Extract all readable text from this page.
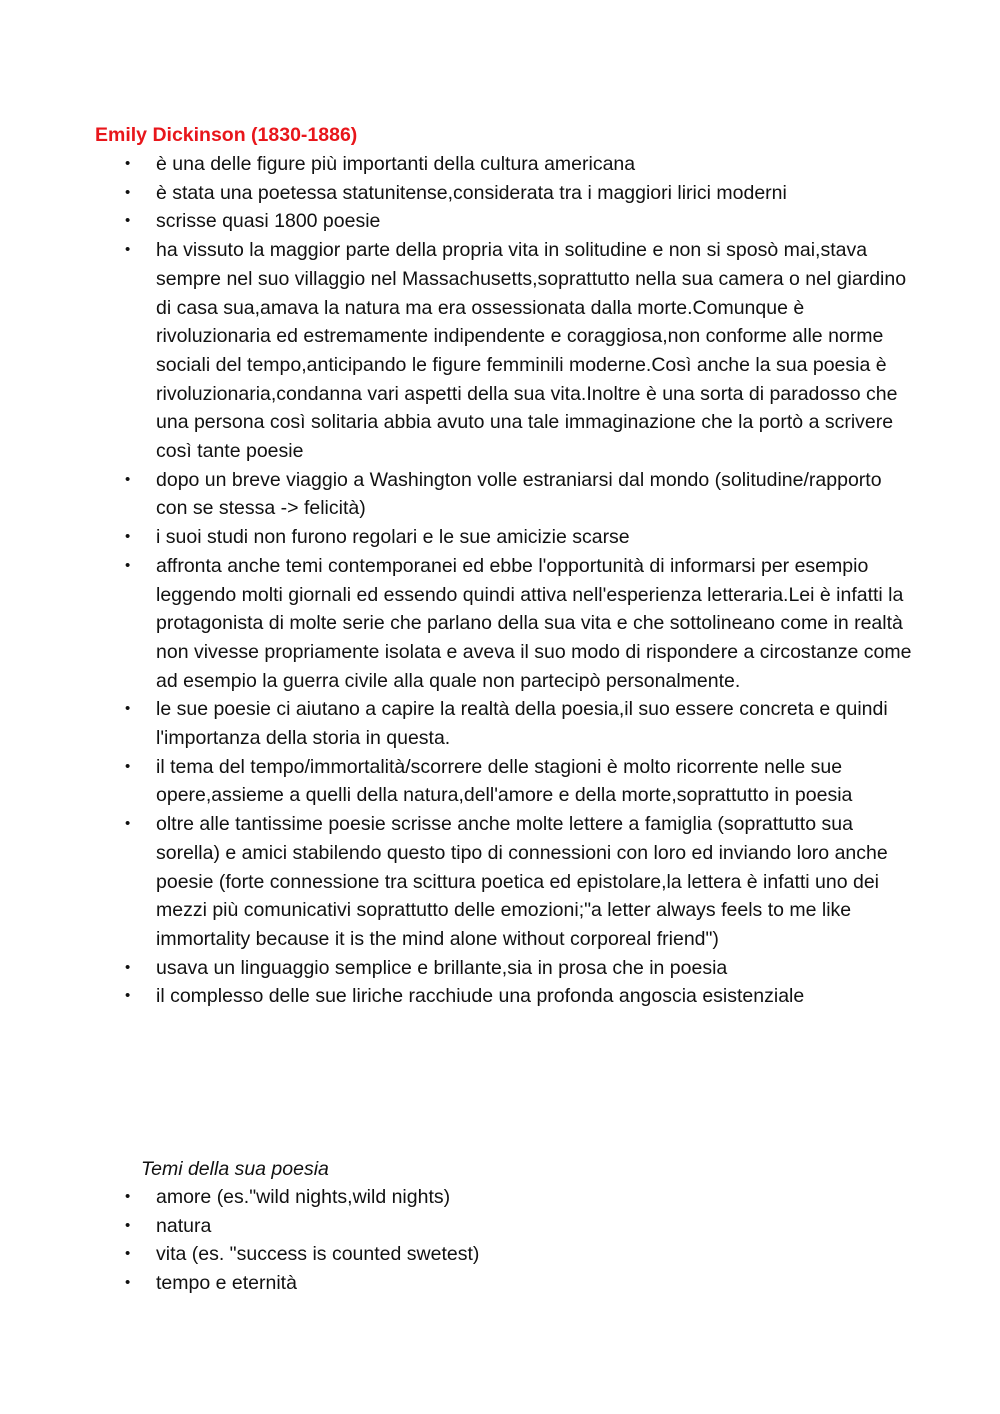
Emily Dickinson (1830-1886)
• è una delle figure più importanti della cultura americana
• è stata una poetessa statunitense,considerata tra i maggiori lirici moderni
• scrisse quasi 1800 poesie
• ha vissuto la maggior parte della propria vita in solitudine e non si sposò mai,stava sempre nel suo villaggio nel Massachusetts,soprattutto nella sua camera o nel giardino di casa sua,amava la natura ma era ossessionata dalla morte.Comunque è rivoluzionaria ed estremamente indipendente e coraggiosa,non conforme alle norme sociali del tempo,anticipando le figure femminili moderne.Così anche la sua poesia è rivoluzionaria,condanna vari aspetti della sua vita.Inoltre è una sorta di paradosso che una persona così solitaria abbia avuto una tale immaginazione che la portò a scrivere così tante poesie
• dopo un breve viaggio a Washington volle estraniarsi dal mondo (solitudine/rapporto con se stessa -> felicità)
• i suoi studi non furono regolari e le sue amicizie scarse
• affronta anche temi contemporanei ed ebbe l'opportunità di informarsi per esempio leggendo molti giornali ed essendo quindi attiva nell'esperienza letteraria.Lei è infatti la protagonista di molte serie che parlano della sua vita e che sottolineano come in realtà non vivesse propriamente isolata e aveva il suo modo di rispondere a circostanze come ad esempio la guerra civile alla quale non partecipò personalmente.
• le sue poesie ci aiutano a capire la realtà della poesia,il suo essere concreta e quindi l'importanza della storia in questa.
• il tema del tempo/immortalità/scorrere delle stagioni è molto ricorrente nelle sue opere,assieme a quelli della natura,dell'amore e della morte,soprattutto in poesia
• oltre alle tantissime poesie scrisse anche molte lettere a famiglia (soprattutto sua sorella) e amici stabilendo questo tipo di connessioni con loro ed inviando loro anche poesie (forte connessione tra scittura poetica ed epistolare,la lettera è infatti uno dei mezzi più comunicativi soprattutto delle emozioni;"a letter always feels to me like immortality because it is the mind alone without corporeal friend")
• usava un linguaggio semplice e brillante,sia in prosa che in poesia
• il complesso delle sue liriche racchiude una profonda angoscia esistenziale
Temi della sua poesia
• amore (es."wild nights,wild nights)
• natura
• vita (es. "success is counted swetest)
• tempo e eternità
